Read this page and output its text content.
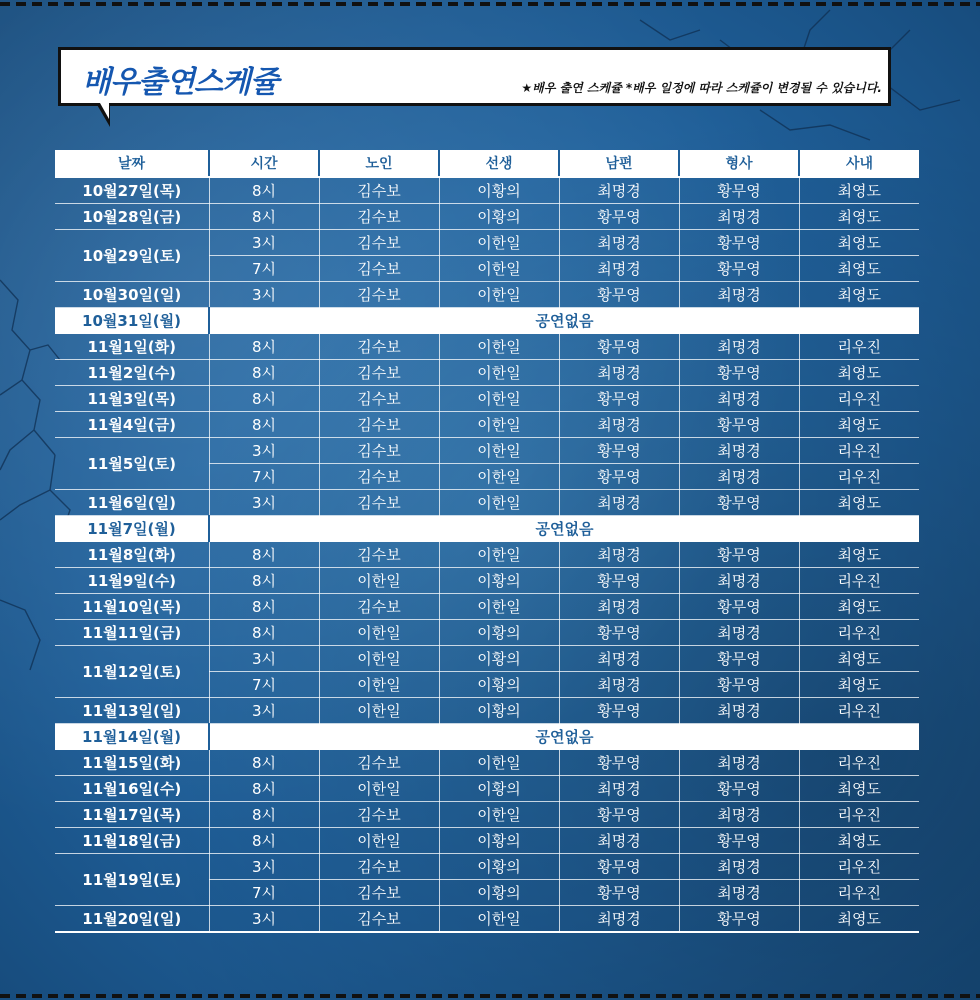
배우출연스케쥴	★배우 출연 스케쥴 *배우 일정에 따라 스케쥴이 변경될 수 있습니다.
날짜	시간	노인	선생	남편	형사	사내
10월27일(목)	8시	김수보	이황의	최명경	황무영	최영도
10월28일(금)	8시	김수보	이황의	황무영	최명경	최영도
10월29일(토)	3시	김수보	이한일	최명경	황무영	최영도
	7시	김수보	이한일	최명경	황무영	최영도
10월30일(일)	3시	김수보	이한일	황무영	최명경	최영도
10월31일(월)	공연없음					
11월1일(화)	8시	김수보	이한일	황무영	최명경	리우진
11월2일(수)	8시	김수보	이한일	최명경	황무영	최영도
11월3일(목)	8시	김수보	이한일	황무영	최명경	리우진
11월4일(금)	8시	김수보	이한일	최명경	황무영	최영도
11월5일(토)	3시	김수보	이한일	황무영	최명경	리우진
	7시	김수보	이한일	황무영	최명경	리우진
11월6일(일)	3시	김수보	이한일	최명경	황무영	최영도
11월7일(월)	공연없음					
11월8일(화)	8시	김수보	이한일	최명경	황무영	최영도
11월9일(수)	8시	이한일	이황의	황무영	최명경	리우진
11월10일(목)	8시	김수보	이한일	최명경	황무영	최영도
11월11일(금)	8시	이한일	이황의	황무영	최명경	리우진
11월12일(토)	3시	이한일	이황의	최명경	황무영	최영도
	7시	이한일	이황의	최명경	황무영	최영도
11월13일(일)	3시	이한일	이황의	황무영	최명경	리우진
11월14일(월)	공연없음					
11월15일(화)	8시	김수보	이한일	황무영	최명경	리우진
11월16일(수)	8시	이한일	이황의	최명경	황무영	최영도
11월17일(목)	8시	김수보	이한일	황무영	최명경	리우진
11월18일(금)	8시	이한일	이황의	최명경	황무영	최영도
11월19일(토)	3시	김수보	이황의	황무영	최명경	리우진
	7시	김수보	이황의	황무영	최명경	리우진
11월20일(일)	3시	김수보	이한일	최명경	황무영	최영도
